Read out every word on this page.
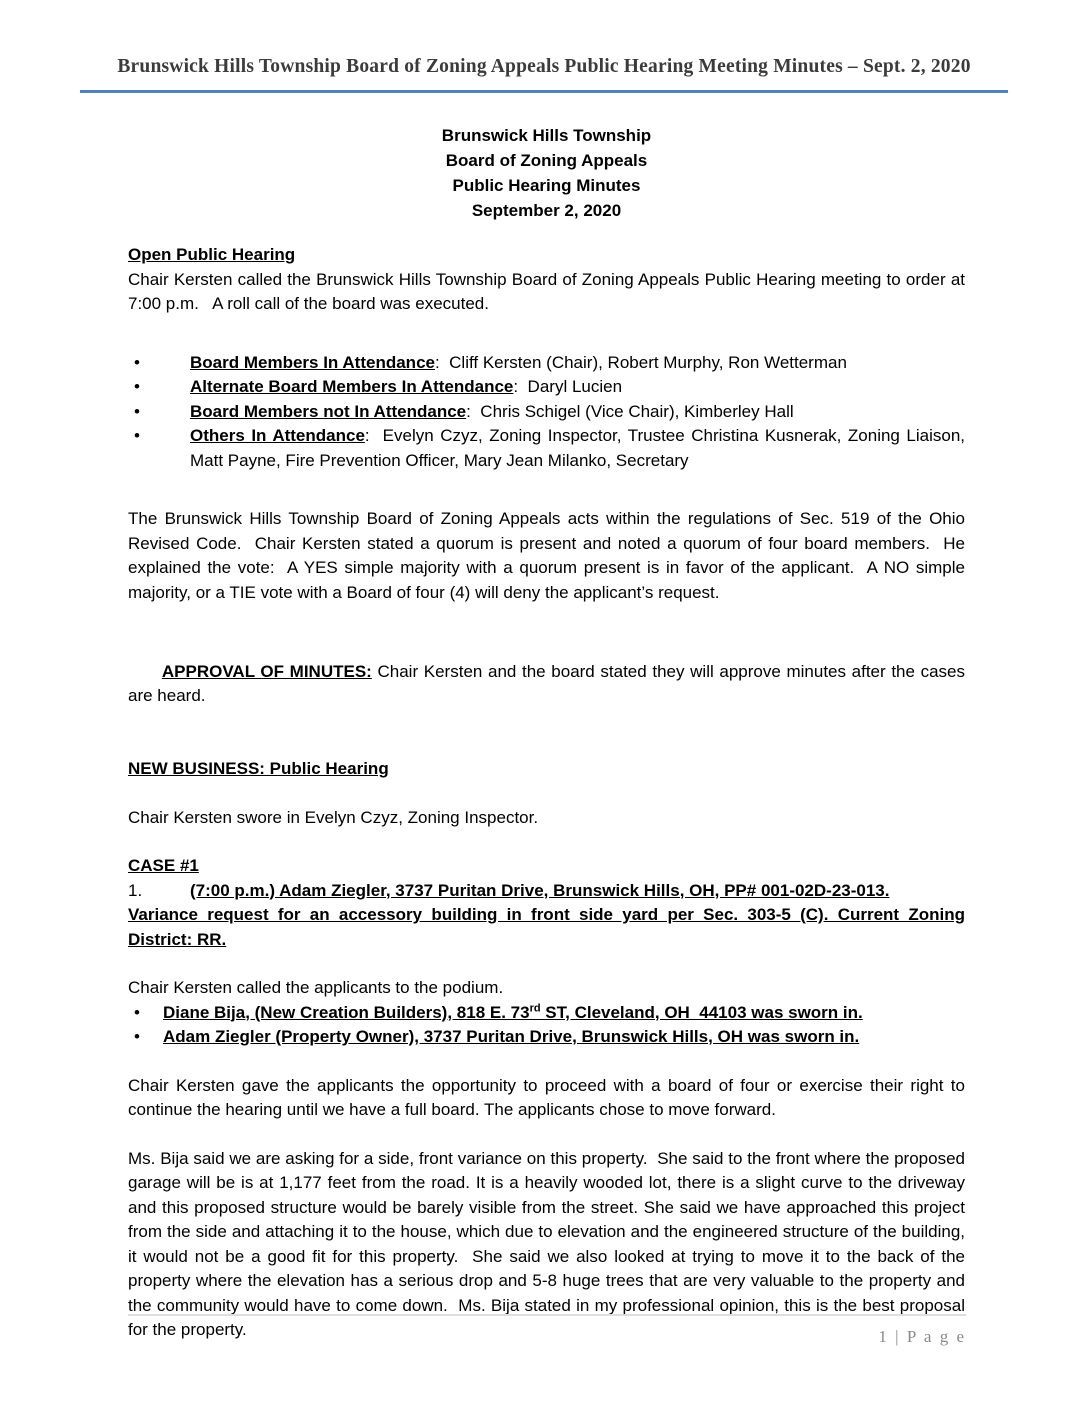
Brunswick Hills Township Board of Zoning Appeals Public Hearing Meeting Minutes – Sept. 2, 2020
Brunswick Hills Township
Board of Zoning Appeals
Public Hearing Minutes
September 2, 2020
Open Public Hearing
Chair Kersten called the Brunswick Hills Township Board of Zoning Appeals Public Hearing meeting to order at 7:00 p.m.   A roll call of the board was executed.
•	Board Members In Attendance:  Cliff Kersten (Chair), Robert Murphy, Ron Wetterman
•	Alternate Board Members In Attendance:  Daryl Lucien
•	Board Members not In Attendance:  Chris Schigel (Vice Chair), Kimberley Hall
•	Others In Attendance:  Evelyn Czyz, Zoning Inspector, Trustee Christina Kusnerak, Zoning Liaison, Matt Payne, Fire Prevention Officer, Mary Jean Milanko, Secretary
The Brunswick Hills Township Board of Zoning Appeals acts within the regulations of Sec. 519 of the Ohio Revised Code.  Chair Kersten stated a quorum is present and noted a quorum of four board members.  He explained the vote:  A YES simple majority with a quorum present is in favor of the applicant.  A NO simple majority, or a TIE vote with a Board of four (4) will deny the applicant’s request.

APPROVAL OF MINUTES: Chair Kersten and the board stated they will approve minutes after the cases are heard.

NEW BUSINESS: Public Hearing
Chair Kersten swore in Evelyn Czyz, Zoning Inspector.
CASE #1
1.	(7:00 p.m.) Adam Ziegler, 3737 Puritan Drive, Brunswick Hills, OH, PP# 001-02D-23-013.
Variance request for an accessory building in front side yard per Sec. 303-5 (C). Current Zoning District: RR.
Chair Kersten called the applicants to the podium.
•	Diane Bija, (New Creation Builders), 818 E. 73rd ST, Cleveland, OH  44103 was sworn in.
•	Adam Ziegler (Property Owner), 3737 Puritan Drive, Brunswick Hills, OH was sworn in.
Chair Kersten gave the applicants the opportunity to proceed with a board of four or exercise their right to continue the hearing until we have a full board. The applicants chose to move forward.
Ms. Bija said we are asking for a side, front variance on this property.  She said to the front where the proposed garage will be is at 1,177 feet from the road. It is a heavily wooded lot, there is a slight curve to the driveway and this proposed structure would be barely visible from the street. She said we have approached this project from the side and attaching it to the house, which due to elevation and the engineered structure of the building, it would not be a good fit for this property.  She said we also looked at trying to move it to the back of the property where the elevation has a serious drop and 5-8 huge trees that are very valuable to the property and the community would have to come down.  Ms. Bija stated in my professional opinion, this is the best proposal for the property.	1 | P a g e
